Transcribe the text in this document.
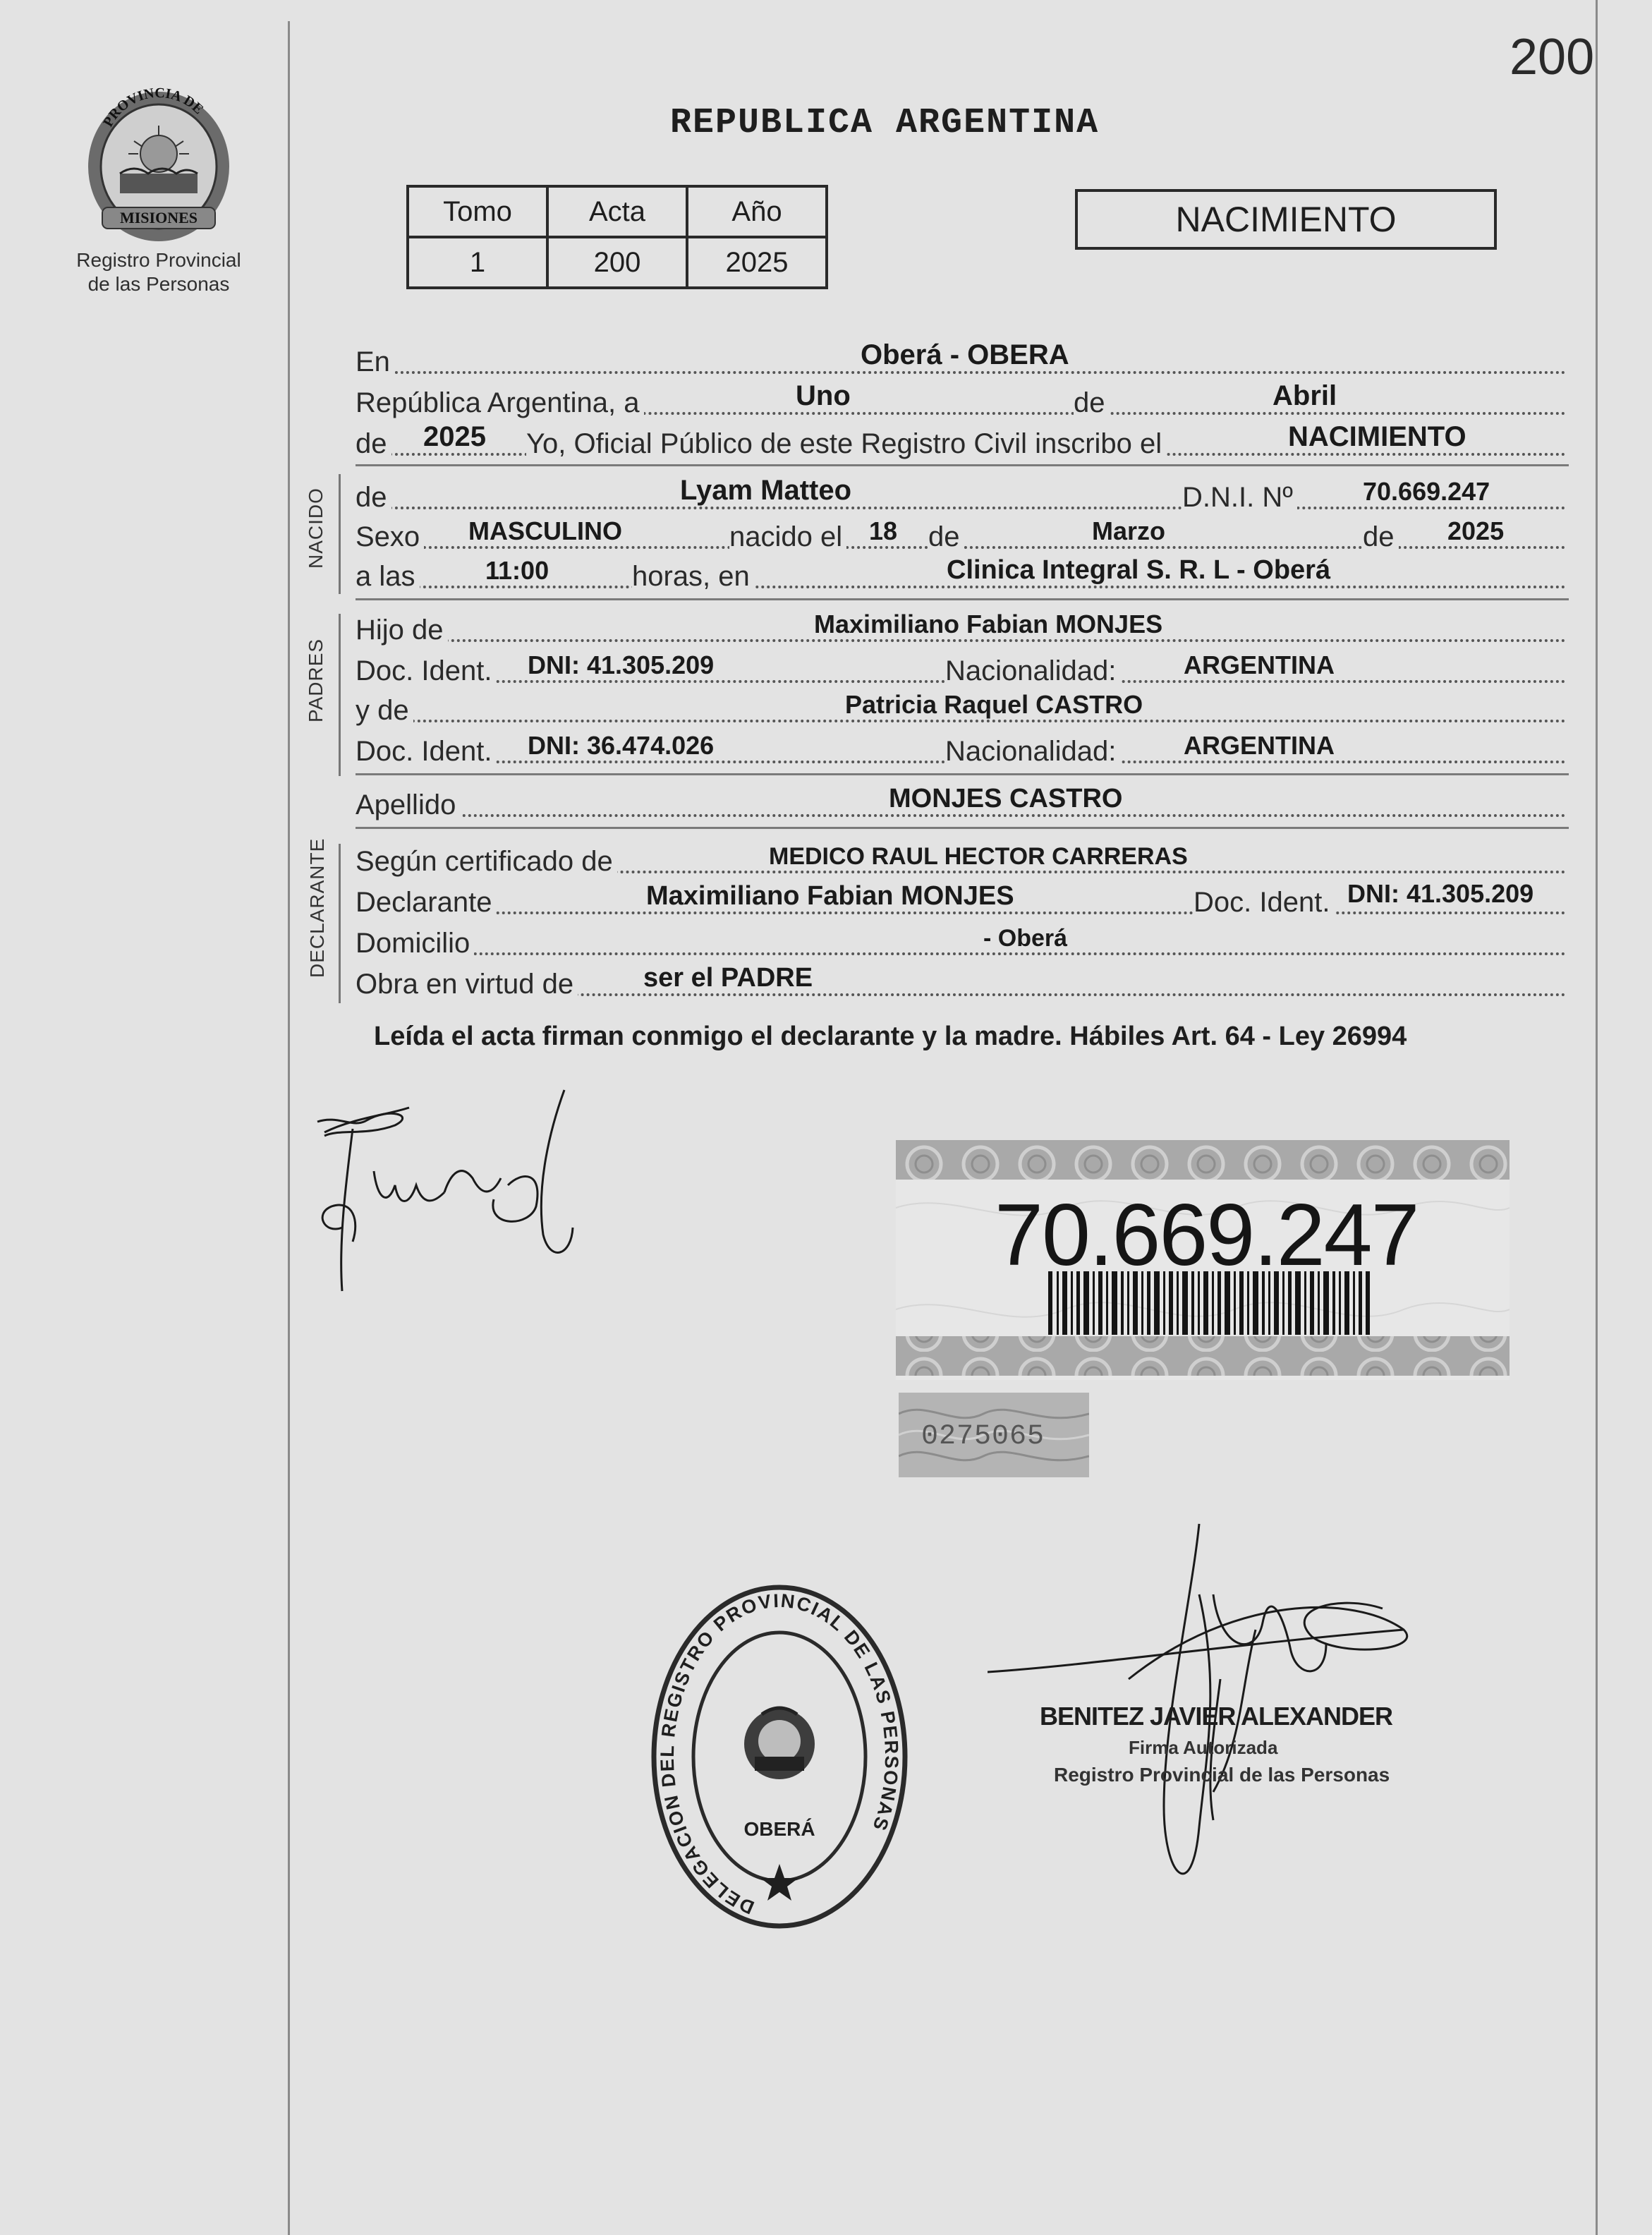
200
PROVINCIA DE
MISIONES
Registro Provincial
de las Personas
REPUBLICA ARGENTINA
Tomo	Acta	Año
1	200	2025
NACIMIENTO
En	Oberá - OBERA
República Argentina, a	Uno	de	Abril
de 2025 Yo, Oficial Público de este Registro Civil inscribo el	NACIMIENTO
NACIDO de	Lyam Matteo	D.N.I. Nº	70.669.247
Sexo MASCULINO	nacido el 18 de	Marzo	de 2025
a las	11:00	horas, en	Clinica Integral S. R. L - Oberá
PADRES
Hijo de	Maximiliano Fabian MONJES
Doc. Ident. DNI: 41.305.209	Nacionalidad:	ARGENTINA
y de	Patricia Raquel CASTRO
Doc. Ident. DNI: 36.474.026	Nacionalidad:	ARGENTINA
Apellido	MONJES CASTRO
DECLARANTE Según certificado de	MEDICO RAUL HECTOR CARRERAS
Declarante	Maximiliano Fabian MONJES	Doc. Ident. DNI: 41.305.209
Domicilio	- Oberá
Obra en virtud de	ser el PADRE
Leída el acta firman conmigo el declarante y la madre. Hábiles Art. 64 - Ley 26994
70.669.247
0275065
DELEGACION DEL REGISTRO PROVINCIAL DE LAS PERSONAS
OBERÁ
BENITEZ JAVIER ALEXANDER
Firma Autorizada
Registro Provincial de las Personas
